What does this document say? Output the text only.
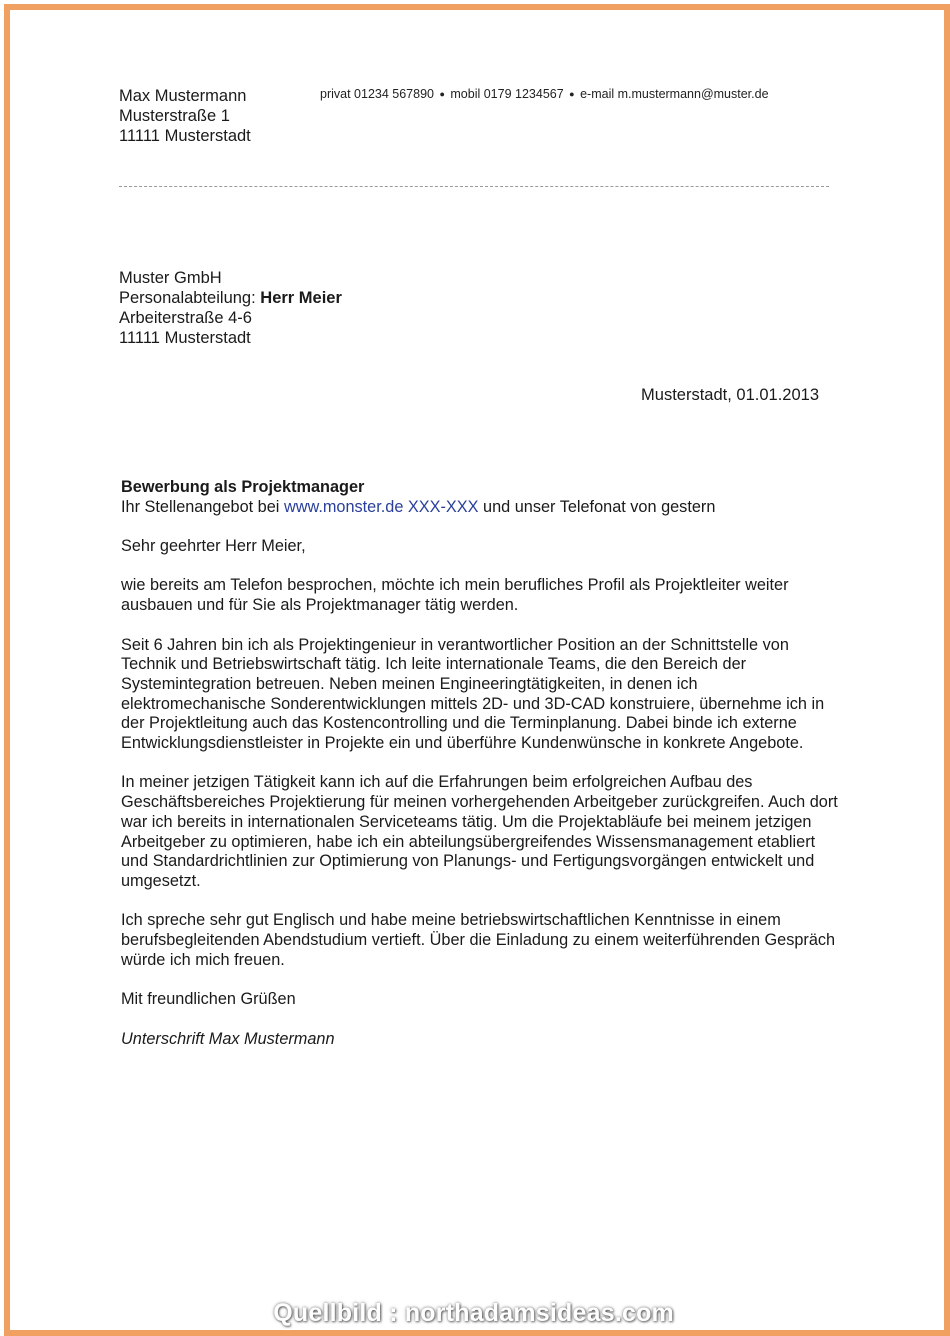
Max Mustermann
Musterstraße 1
11111 Musterstadt
privat 01234 567890 ● mobil 0179 1234567 ● e-mail m.mustermann@muster.de
Muster GmbH
Personalabteilung: Herr Meier
Arbeiterstraße 4-6
11111 Musterstadt
Musterstadt, 01.01.2013
Bewerbung als Projektmanager
Ihr Stellenangebot bei www.monster.de XXX-XXX und unser Telefonat von gestern
Sehr geehrter Herr Meier,
wie bereits am Telefon besprochen, möchte ich mein berufliches Profil als Projektleiter weiter ausbauen und für Sie als Projektmanager tätig werden.
Seit 6 Jahren bin ich als Projektingenieur in verantwortlicher Position an der Schnittstelle von Technik und Betriebswirtschaft tätig. Ich leite internationale Teams, die den Bereich der Systemintegration betreuen. Neben meinen Engineeringtätigkeiten, in denen ich elektromechanische Sonderentwicklungen mittels 2D- und 3D-CAD konstruiere, übernehme ich in der Projektleitung auch das Kostencontrolling und die Terminplanung. Dabei binde ich externe Entwicklungsdienstleister in Projekte ein und überführe Kundenwünsche in konkrete Angebote.
In meiner jetzigen Tätigkeit kann ich auf die Erfahrungen beim erfolgreichen Aufbau des Geschäftsbereiches Projektierung für meinen vorhergehenden Arbeitgeber zurückgreifen. Auch dort war ich bereits in internationalen Serviceteams tätig. Um die Projektabläufe bei meinem jetzigen Arbeitgeber zu optimieren, habe ich ein abteilungsübergreifendes Wissensmanagement etabliert und Standardrichtlinien zur Optimierung von Planungs- und Fertigungsvorgängen entwickelt und umgesetzt.
Ich spreche sehr gut Englisch und habe meine betriebswirtschaftlichen Kenntnisse in einem berufsbegleitenden Abendstudium vertieft. Über die Einladung zu einem weiterführenden Gespräch würde ich mich freuen.
Mit freundlichen Grüßen
Unterschrift Max Mustermann
Quellbild : northadamsideas.com
